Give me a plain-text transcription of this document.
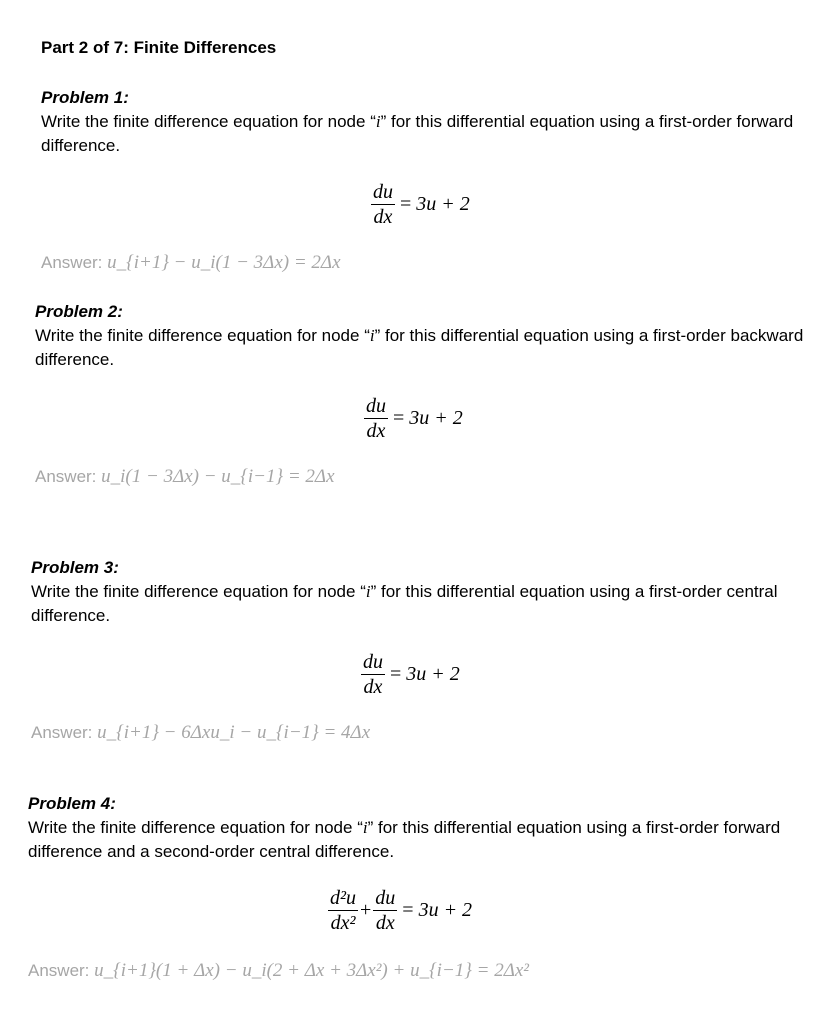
Part 2 of 7: Finite Differences
Problem 1:
Write the finite difference equation for node “i” for this differential equation using a first-order forward difference.
$\frac{du}{dx} = 3u + 2$
Answer: u_{i+1} − u_i(1 − 3Δx) = 2Δx
Problem 2:
Write the finite difference equation for node “i” for this differential equation using a first-order backward difference.
$\frac{du}{dx} = 3u + 2$
Answer: u_i(1 − 3Δx) − u_{i−1} = 2Δx
Problem 3:
Write the finite difference equation for node “i” for this differential equation using a first-order central difference.
$\frac{du}{dx} = 3u + 2$
Answer: u_{i+1} − 6Δxu_i − u_{i−1} = 4Δx
Problem 4:
Write the finite difference equation for node “i” for this differential equation using a first-order forward difference and a second-order central difference.
$\frac{\text{d²u}}{\text{dx²}} + \frac{du}{dx} = 3u + 2$
Answer: u_{i+1}(1 + Δx) − u_i(2 + Δx + 3Δx²) + u_{i−1} = 2Δx²
